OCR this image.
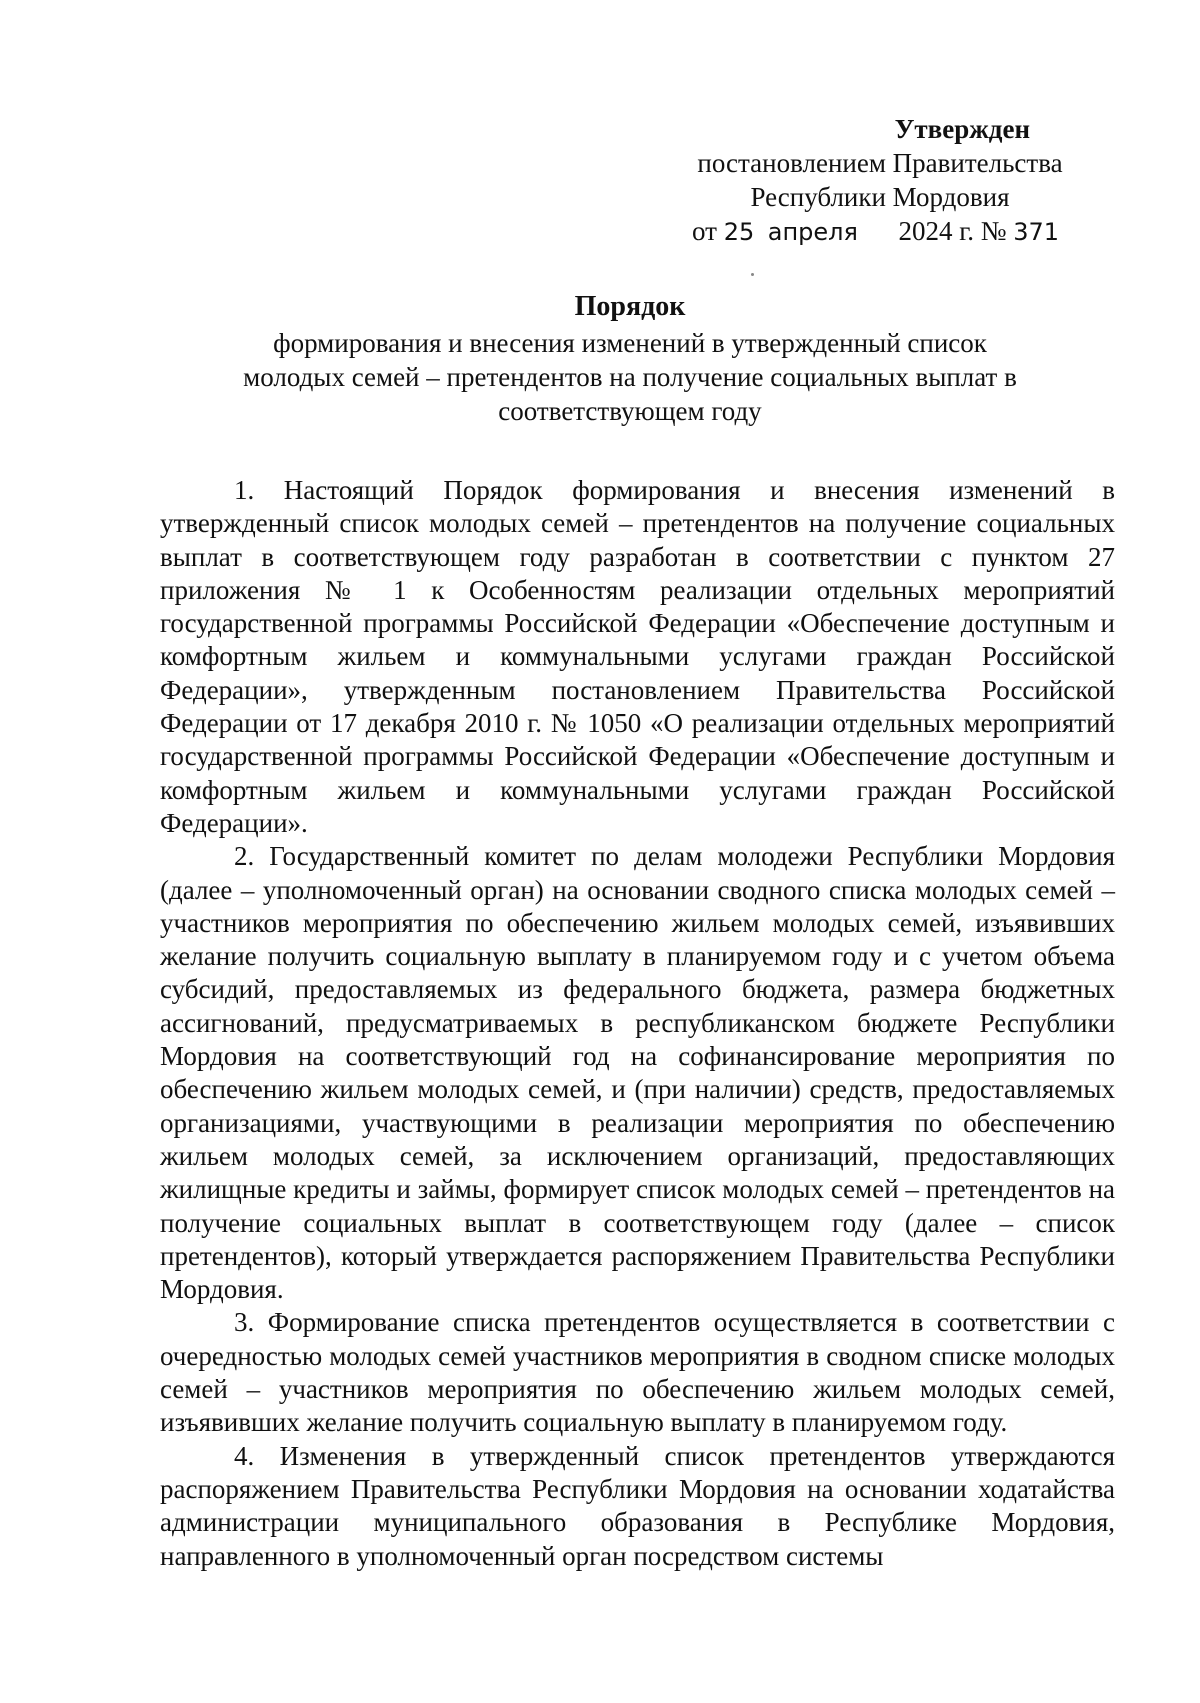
Утвержден
постановлением Правительства
Республики Мордовия
от 25 апреля 2024 г. № 371
Порядок
формирования и внесения изменений в утвержденный список
молодых семей – претендентов на получение социальных выплат в
соответствующем году

1. Настоящий Порядок формирования и внесения изменений в утвержденный список молодых семей – претендентов на получение социальных выплат в соответствующем году разработан в соответствии с пунктом 27 приложения № 1 к Особенностям реализации отдельных мероприятий государственной программы Российской Федерации «Обеспечение доступным и комфортным жильем и коммунальными услугами граждан Российской Федерации», утвержденным постановлением Правительства Российской Федерации от 17 декабря 2010 г. № 1050 «О реализации отдельных мероприятий государственной программы Российской Федерации «Обеспечение доступным и комфортным жильем и коммунальными услугами граждан Российской Федерации».

2. Государственный комитет по делам молодежи Республики Мордовия (далее – уполномоченный орган) на основании сводного списка молодых семей – участников мероприятия по обеспечению жильем молодых семей, изъявивших желание получить социальную выплату в планируемом году и с учетом объема субсидий, предоставляемых из федерального бюджета, размера бюджетных ассигнований, предусматриваемых в республиканском бюджете Республики Мордовия на соответствующий год на софинансирование мероприятия по обеспечению жильем молодых семей, и (при наличии) средств, предоставляемых организациями, участвующими в реализации мероприятия по обеспечению жильем молодых семей, за исключением организаций, предоставляющих жилищные кредиты и займы, формирует список молодых семей – претендентов на получение социальных выплат в соответствующем году (далее – список претендентов), который утверждается распоряжением Правительства Республики Мордовия.

3. Формирование списка претендентов осуществляется в соответствии с очередностью молодых семей участников мероприятия в сводном списке молодых семей – участников мероприятия по обеспечению жильем молодых семей, изъявивших желание получить социальную выплату в планируемом году.

4. Изменения в утвержденный список претендентов утверждаются распоряжением Правительства Республики Мордовия на основании ходатайства администрации муниципального образования в Республике Мордовия, направленного в уполномоченный орган посредством системы
